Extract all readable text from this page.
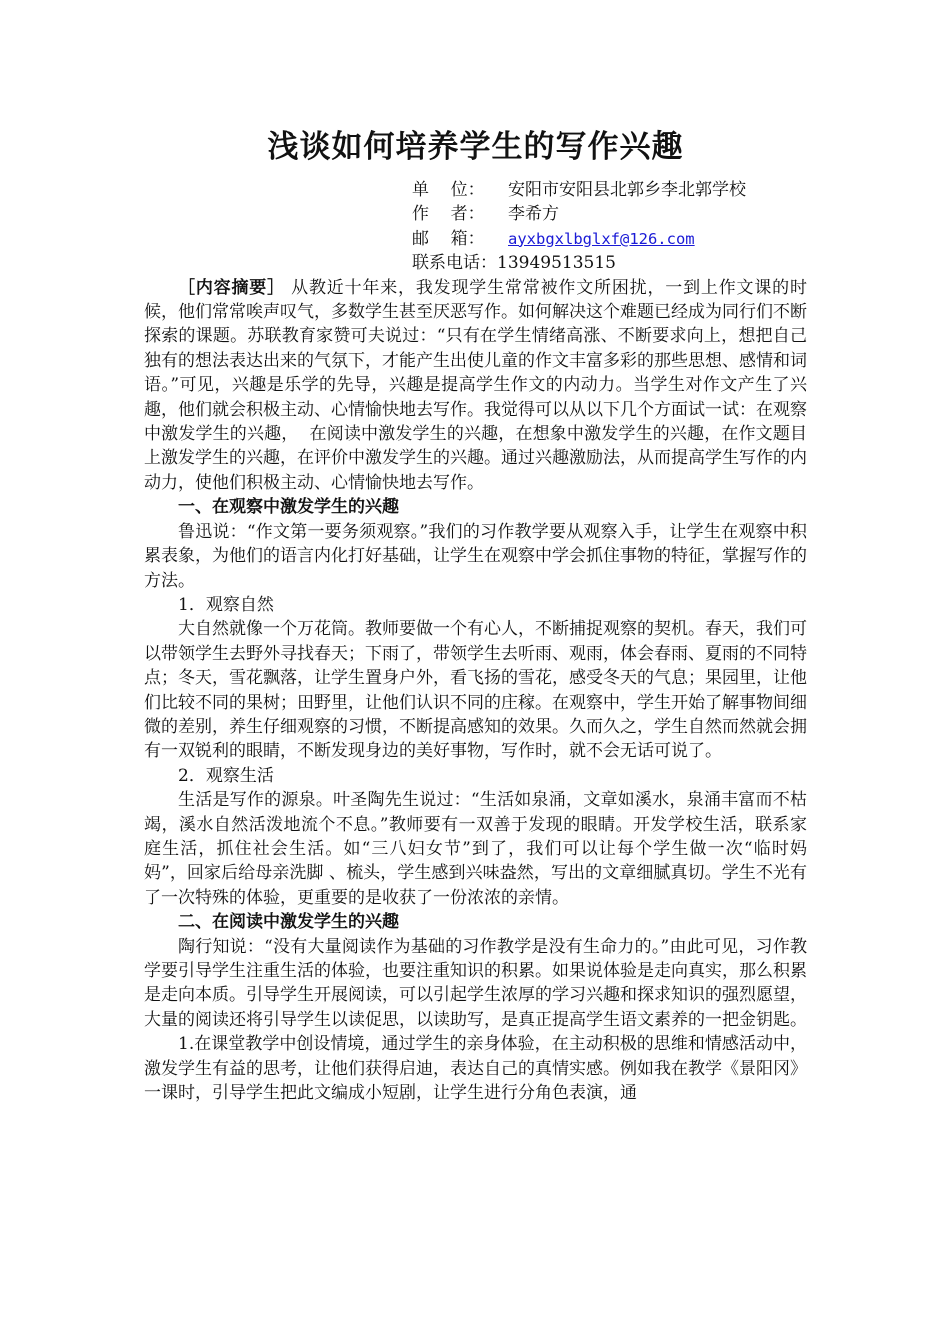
浅谈如何培养学生的写作兴趣
单    位： 安阳市安阳县北郭乡李北郭学校
作    者： 李希方
邮    箱： ayxbgxlbglxf@126.com
联系电话：13949513515

［内容摘要］ 从教近十年来，我发现学生常常被作文所困扰，一到上作文课的时候，他们常常唉声叹气，多数学生甚至厌恶写作。如何解决这个难题已经成为同行们不断探索的课题。苏联教育家赞可夫说过：“只有在学生情绪高涨、不断要求向上，想把自己独有的想法表达出来的气氛下，才能产生出使儿童的作文丰富多彩的那些思想、感情和词语。”可见，兴趣是乐学的先导，兴趣是提高学生作文的内动力。当学生对作文产生了兴趣，他们就会积极主动、心情愉快地去写作。我觉得可以从以下几个方面试一试：在观察中激发学生的兴趣，  在阅读中激发学生的兴趣，在想象中激发学生的兴趣，在作文题目上激发学生的兴趣，在评价中激发学生的兴趣。通过兴趣激励法，从而提高学生写作的内动力，使他们积极主动、心情愉快地去写作。

一、在观察中激发学生的兴趣

鲁迅说：“作文第一要务须观察。”我们的习作教学要从观察入手，让学生在观察中积累表象，为他们的语言内化打好基础，让学生在观察中学会抓住事物的特征，掌握写作的方法。

1．观察自然

大自然就像一个万花筒。教师要做一个有心人，不断捕捉观察的契机。春天，我们可以带领学生去野外寻找春天；下雨了，带领学生去听雨、观雨，体会春雨、夏雨的不同特点；冬天，雪花飘落，让学生置身户外，看飞扬的雪花，感受冬天的气息；果园里，让他们比较不同的果树；田野里，让他们认识不同的庄稼。在观察中，学生开始了解事物间细微的差别，养生仔细观察的习惯，不断提高感知的效果。久而久之，学生自然而然就会拥有一双锐利的眼睛，不断发现身边的美好事物，写作时，就不会无话可说了。

2．观察生活

生活是写作的源泉。叶圣陶先生说过：“生活如泉涌，文章如溪水，泉涌丰富而不枯竭，溪水自然活泼地流个不息。”教师要有一双善于发现的眼睛。开发学校生活，联系家庭生活，抓住社会生活。如“三八妇女节”到了，我们可以让每个学生做一次“临时妈妈”，回家后给母亲洗脚 、梳头，学生感到兴味盎然，写出的文章细腻真切。学生不光有了一次特殊的体验，更重要的是收获了一份浓浓的亲情。

二、在阅读中激发学生的兴趣

陶行知说：“没有大量阅读作为基础的习作教学是没有生命力的。”由此可见，习作教学要引导学生注重生活的体验，也要注重知识的积累。如果说体验是走向真实，那么积累是走向本质。引导学生开展阅读，可以引起学生浓厚的学习兴趣和探求知识的强烈愿望，大量的阅读还将引导学生以读促思，以读助写，是真正提高学生语文素养的一把金钥匙。

1.在课堂教学中创设情境，通过学生的亲身体验，在主动积极的思维和情感活动中，激发学生有益的思考，让他们获得启迪，表达自己的真情实感。例如我在教学《景阳冈》一课时，引导学生把此文编成小短剧，让学生进行分角色表演，通
